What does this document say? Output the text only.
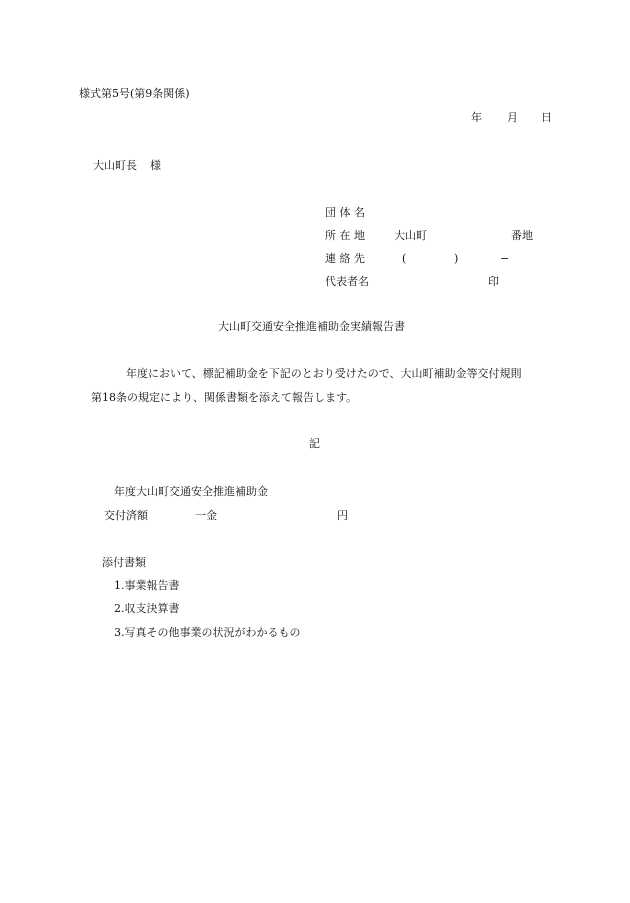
様式第5号(第9条関係)
年 月 日
大山町長 様
団 体 名
所 在 地	大山町	番地
連 絡 先	(	)	−
代表者名	印
大山町交通安全推進補助金実績報告書
年度において、標記補助金を下記のとおり受けたので、大山町補助金等交付規則
第18条の規定により、関係書類を添えて報告します。
記
年度大山町交通安全推進補助金
交付済額	一金	円
添付書類
1.事業報告書
2.収支決算書
3.写真その他事業の状況がわかるもの
